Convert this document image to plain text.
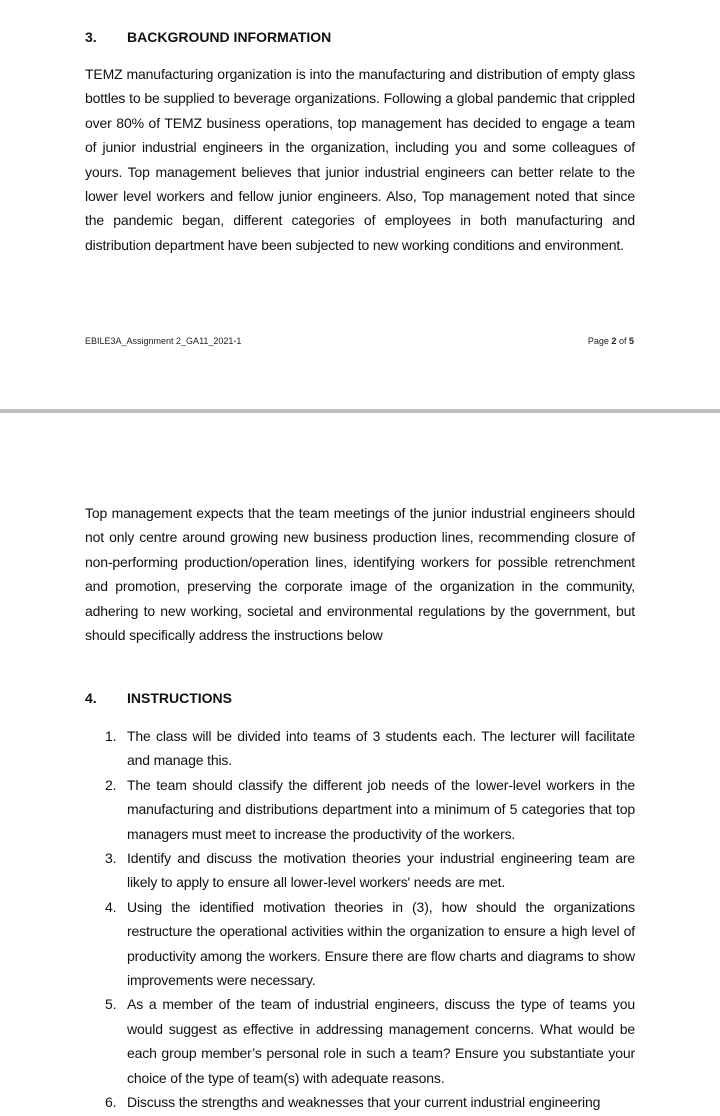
3. BACKGROUND INFORMATION
TEMZ manufacturing organization is into the manufacturing and distribution of empty glass bottles to be supplied to beverage organizations. Following a global pandemic that crippled over 80% of TEMZ business operations, top management has decided to engage a team of junior industrial engineers in the organization, including you and some colleagues of yours. Top management believes that junior industrial engineers can better relate to the lower level workers and fellow junior engineers. Also, Top management noted that since the pandemic began, different categories of employees in both manufacturing and distribution department have been subjected to new working conditions and environment.
EBILE3A_Assignment 2_GA11_2021-1	Page 2 of 5
Top management expects that the team meetings of the junior industrial engineers should not only centre around growing new business production lines, recommending closure of non-performing production/operation lines, identifying workers for possible retrenchment and promotion, preserving the corporate image of the organization in the community, adhering to new working, societal and environmental regulations by the government, but should specifically address the instructions below
4. INSTRUCTIONS
1. The class will be divided into teams of 3 students each. The lecturer will facilitate and manage this.
2. The team should classify the different job needs of the lower-level workers in the manufacturing and distributions department into a minimum of 5 categories that top managers must meet to increase the productivity of the workers.
3. Identify and discuss the motivation theories your industrial engineering team are likely to apply to ensure all lower-level workers' needs are met.
4. Using the identified motivation theories in (3), how should the organizations restructure the operational activities within the organization to ensure a high level of productivity among the workers. Ensure there are flow charts and diagrams to show improvements were necessary.
5. As a member of the team of industrial engineers, discuss the type of teams you would suggest as effective in addressing management concerns. What would be each group member’s personal role in such a team? Ensure you substantiate your choice of the type of team(s) with adequate reasons.
6. Discuss the strengths and weaknesses that your current industrial engineering
